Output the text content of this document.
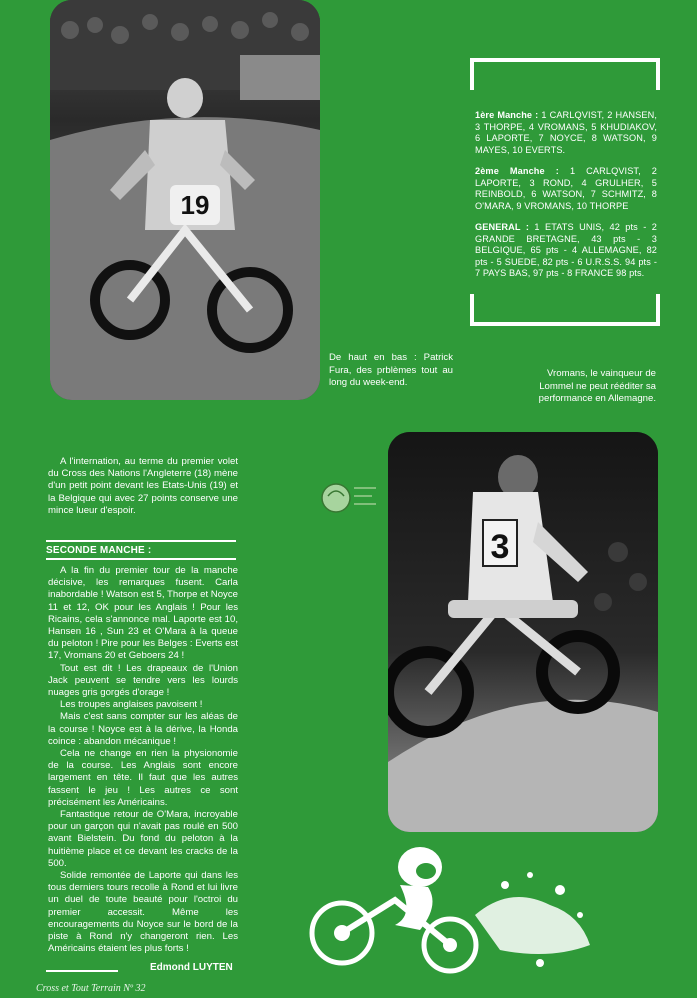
19

1ère Manche : 1 CARLQVIST, 2 HANSEN, 3 THORPE, 4 VROMANS, 5 KHUDIAKOV, 6 LAPORTE, 7 NOYCE, 8 WATSON, 9 MAYES, 10 EVERTS.

2ème Manche : 1 CARLQVIST, 2 LAPORTE, 3 ROND, 4 GRULHER, 5 REINBOLD, 6 WATSON, 7 SCHMITZ, 8 O'MARA, 9 VROMANS, 10 THORPE

GENERAL : 1 ETATS UNIS, 42 pts - 2 GRANDE BRETAGNE, 43 pts - 3 BELGIQUE, 65 pts - 4 ALLEMAGNE, 82 pts - 5 SUEDE, 82 pts - 6 U.R.S.S. 94 pts - 7 PAYS BAS, 97 pts - 8 FRANCE 98 pts.

De haut en bas : Patrick Fura, des prblèmes tout au long du week-end.
Vromans, le vainqueur de Lommel ne peut rééditer sa performance en Allemagne.
A l'internation, au terme du premier volet du Cross des Nations l'Angleterre (18) mène d'un petit point devant les Etats-Unis (19) et la Belgique qui avec 27 points conserve une mince lueur d'espoir.
SECONDE MANCHE :

A la fin du premier tour de la manche décisive, les remarques fusent. Carla inabordable ! Watson est 5, Thorpe et Noyce 11 et 12, OK pour les Anglais ! Pour les Ricains, cela s'annonce mal. Laporte est 10, Hansen 16 , Sun 23 et O'Mara à la queue du peloton ! Pire pour les Belges : Everts est 17, Vromans 20 et Geboers 24 !

Tout est dit ! Les drapeaux de l'Union Jack peuvent se tendre vers les lourds nuages gris gorgés d'orage !

Les troupes anglaises pavoisent !

Mais c'est sans compter sur les aléas de la course ! Noyce est à la dérive, la Honda coince : abandon mécanique !

Cela ne change en rien la physionomie de la course. Les Anglais sont encore largement en tête. Il faut que les autres fassent le jeu ! Les autres ce sont précisément les Américains.

Fantastique retour de O'Mara, incroyable pour un garçon qui n'avait pas roulé en 500 avant Bielstein. Du fond du peloton à la huitième place et ce devant les cracks de la 500.

Solide remontée de Laporte qui dans les tous derniers tours recolle à Rond et lui livre un duel de toute beauté pour l'octroi du premier accessit. Même les encouragements du Noyce sur le bord de la piste à Rond n'y changeront rien. Les Américains étaient les plus forts !

3
Edmond LUYTEN
Cross et Tout Terrain Nº 32
